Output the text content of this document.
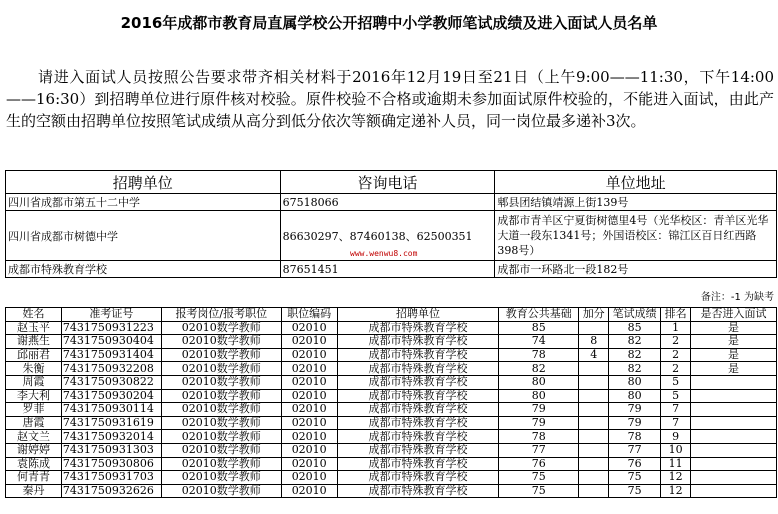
2016年成都市教育局直属学校公开招聘中小学教师笔试成绩及进入面试人员名单
请进入面试人员按照公告要求带齐相关材料于2016年12月19日至21日（上午9:00——11:30，下午14:00——16:30）到招聘单位进行原件核对校验。原件校验不合格或逾期未参加面试原件校验的，不能进入面试，由此产生的空额由招聘单位按照笔试成绩从高分到低分依次等额确定递补人员，同一岗位最多递补3次。
招聘单位	咨询电话	单位地址
四川省成都市第五十二中学	67518066	郫县团结镇靖源上街139号
四川省成都市树德中学	86630297、87460138、62500351	成都市青羊区宁夏街树德里4号（光华校区：青羊区光华大道一段东1341号；外国语校区：锦江区百日红西路398号）
成都市特殊教育学校	87651451	成都市一环路北一段182号
www.wenwu8.com
备注：-1 为缺考
姓名	准考证号	报考岗位/报考职位	职位编码	招聘单位	教育公共基础	加分	笔试成绩	排名	是否进入面试
赵玉平	7431750931223	02010数学教师	02010	成都市特殊教育学校	85		85	1	是
谢燕生	7431750930404	02010数学教师	02010	成都市特殊教育学校	74	8	82	2	是
邱丽君	7431750931404	02010数学教师	02010	成都市特殊教育学校	78	4	82	2	是
朱衡	7431750932208	02010数学教师	02010	成都市特殊教育学校	82		82	2	是
周霞	7431750930822	02010数学教师	02010	成都市特殊教育学校	80		80	5	
李大利	7431750930204	02010数学教师	02010	成都市特殊教育学校	80		80	5	
罗菲	7431750930114	02010数学教师	02010	成都市特殊教育学校	79		79	7	
唐霞	7431750931619	02010数学教师	02010	成都市特殊教育学校	79		79	7	
赵文兰	7431750932014	02010数学教师	02010	成都市特殊教育学校	78		78	9	
谢婷婷	7431750931303	02010数学教师	02010	成都市特殊教育学校	77		77	10	
袁陈成	7431750930806	02010数学教师	02010	成都市特殊教育学校	76		76	11	
何青青	7431750931703	02010数学教师	02010	成都市特殊教育学校	75		75	12	
秦丹	7431750932626	02010数学教师	02010	成都市特殊教育学校	75		75	12	
